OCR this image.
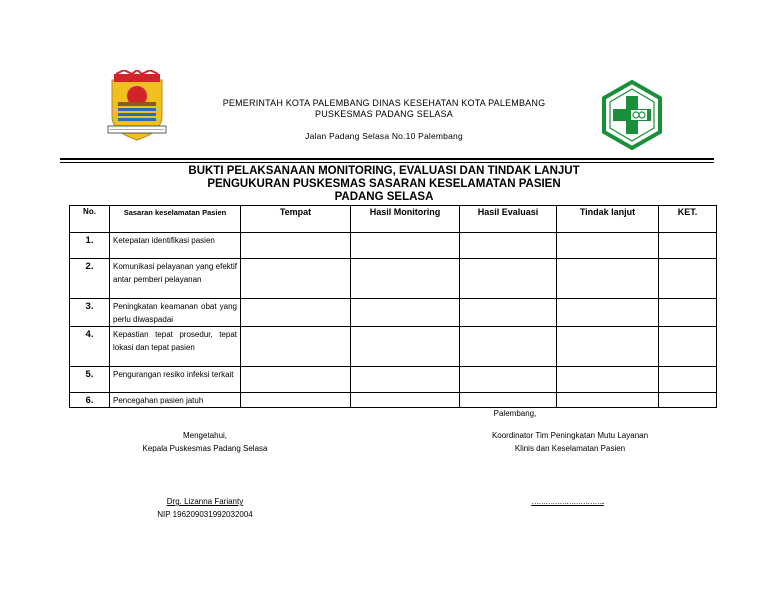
PEMERINTAH KOTA PALEMBANG DINAS KESEHATAN KOTA PALEMBANG
PUSKESMAS PADANG SELASA
Jalan Padang Selasa No.10 Palembang
BUKTI PELAKSANAAN MONITORING, EVALUASI DAN TINDAK LANJUT
PENGUKURAN PUSKESMAS SASARAN KESELAMATAN PASIEN
PADANG SELASA
No.	Sasaran keselamatan Pasien	Tempat	Hasil Monitoring	Hasil Evaluasi	Tindak lanjut	KET.
1.	Ketepatan identifikasi pasien					
2.	Komunikasi pelayanan yang efektif antar pemberi pelayanan					
3.	Peningkatan keamanan obat yang perlu diwaspadai					
4.	Kepastian tepat prosedur, tepat lokasi dan tepat pasien					
5.	Pengurangan resiko infeksi terkait					
6.	Pencegahan pasien jatuh					
Palembang,
Mengetahui,
Kepala Puskesmas Padang Selasa
Koordinator Tim Peningkatan Mutu Layanan
Klinis dan Keselamatan Pasien
Drg. Lizanna Farianty
NIP 196209031992032004
…………………………..
